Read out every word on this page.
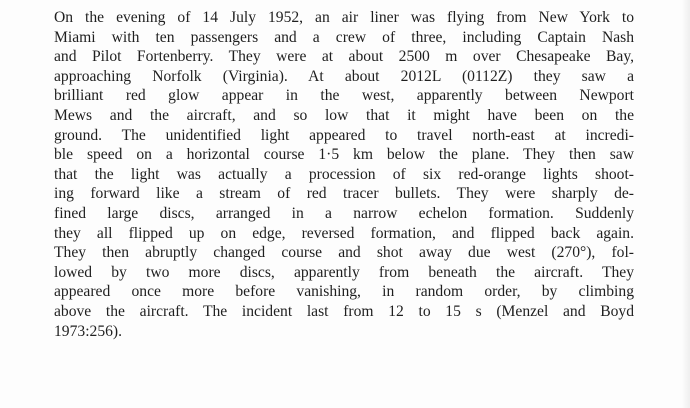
On the evening of 14 July 1952, an air liner was flying from New York to
Miami with ten passengers and a crew of three, including Captain Nash
and Pilot Fortenberry. They were at about 2500 m over Chesapeake Bay,
approaching Norfolk (Virginia). At about 2012L (0112Z) they saw a
brilliant red glow appear in the west, apparently between Newport
Mews and the aircraft, and so low that it might have been on the
ground. The unidentified light appeared to travel north-east at incredi-
ble speed on a horizontal course 1·5 km below the plane. They then saw
that the light was actually a procession of six red-orange lights shoot-
ing forward like a stream of red tracer bullets. They were sharply de-
fined large discs, arranged in a narrow echelon formation. Suddenly
they all flipped up on edge, reversed formation, and flipped back again.
They then abruptly changed course and shot away due west (270°), fol-
lowed by two more discs, apparently from beneath the aircraft. They
appeared once more before vanishing, in random order, by climbing
above the aircraft. The incident last from 12 to 15 s (Menzel and Boyd
1973:256).
